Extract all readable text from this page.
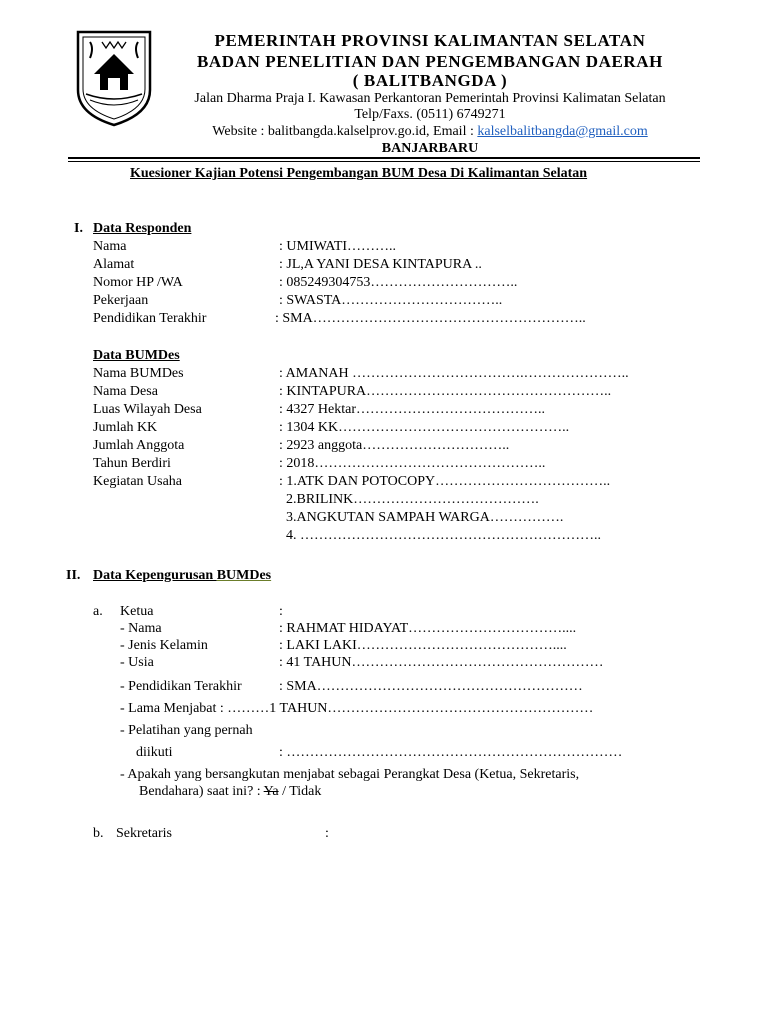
PEMERINTAH PROVINSI KALIMANTAN SELATAN
BADAN PENELITIAN DAN PENGEMBANGAN DAERAH
( BALITBANGDA )
Jalan Dharma Praja I. Kawasan Perkantoran Pemerintah Provinsi Kalimatan Selatan
Telp/Faxs. (0511) 6749271
Website : balitbangda.kalselprov.go.id, Email : kalselbalitbangda@gmail.com
BANJARBARU
Kuesioner Kajian Potensi Pengembangan BUM Desa Di Kalimantan Selatan
I. Data Responden
Nama	: UMIWATI………..
Alamat	: JL,A YANI DESA KINTAPURA ..
Nomor HP /WA	: 085249304753…………………………..
Pekerjaan	: SWASTA……………………………..
Pendidikan Terakhir	: SMA…………………………………………………..
Data BUMDes
Nama BUMDes	: AMANAH ……………………………….…………………..
Nama Desa	: KINTAPURA……………………………………………..
Luas Wilayah Desa	: 4327 Hektar…………………………………..
Jumlah KK	: 1304 KK…………………………………………..
Jumlah Anggota	: 2923 anggota…………………………..
Tahun Berdiri	: 2018…………………………………………..
Kegiatan Usaha	: 1.ATK DAN POTOCOPY………………………………..
2.BRILINK………………………………….
3.ANGKUTAN SAMPAH WARGA…………….
4. ………………………………………………………..
II. Data Kepengurusan BUMDes
a. Ketua	:
- Nama	: RAHMAT HIDAYAT……………………………....
- Jenis Kelamin	: LAKI LAKI……………………………………....
- Usia	: 41 TAHUN………………………………………………
- Pendidikan Terakhir	: SMA…………………………………………………
- Lama Menjabat : ………1 TAHUN…………………………………………………
- Pelatihan yang pernah
diikuti	: ………………………………………………………………
- Apakah yang bersangkutan menjabat sebagai Perangkat Desa (Ketua, Sekretaris,
Bendahara) saat ini? : Ya / Tidak
b. Sekretaris	:
